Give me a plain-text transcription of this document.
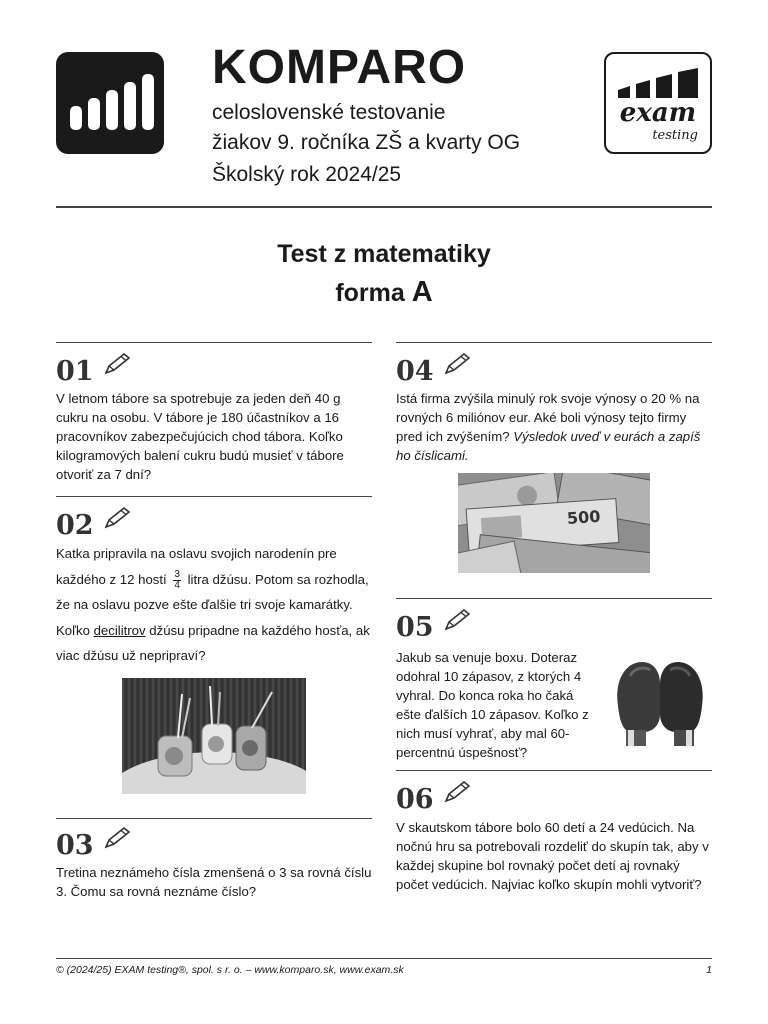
KOMPARO
celoslovenské testovanie
žiakov 9. ročníka ZŠ a kvarty OG
Školský rok 2024/25
exam
testing
Test z matematiky
forma A
01
V letnom tábore sa spotrebuje za jeden deň 40 g cukru na osobu. V tábore je 180 účastníkov a 16 pracovníkov zabezpečujúcich chod tábora. Koľko kilogramových balení cukru budú musieť v tábore otvoriť za 7 dní?
02
Katka pripravila na oslavu svojich narodenín pre každého z 12 hostí $\frac{3}{4}$ litra džúsu. Potom sa rozhodla, že na oslavu pozve ešte ďalšie tri svoje kamarátky. Koľko decilitrov džúsu pripadne na každého hosťa, ak viac džúsu už nepripraví?
03
Tretina neznámeho čísla zmenšená o 3 sa rovná číslu 3. Čomu sa rovná neznáme číslo?
04
Istá firma zvýšila minulý rok svoje výnosy o 20 % na rovných 6 miliónov eur. Aké boli výnosy tejto firmy pred ich zvýšením? Výsledok uveď v eurách a zapíš ho číslicami.
500
05
Jakub sa venuje boxu. Doteraz odohral 10 zápasov, z ktorých 4 vyhral. Do konca roka ho čaká ešte ďalších 10 zápasov. Koľko z nich musí vyhrať, aby mal 60-percentnú úspešnosť?
06
V skautskom tábore bolo 60 detí a 24 vedúcich. Na nočnú hru sa potrebovali rozdeliť do skupín tak, aby v každej skupine bol rovnaký počet detí aj rovnaký počet vedúcich. Najviac koľko skupín mohli vytvoriť?
© (2024/25) EXAM testing®, spol. s r. o. – www.komparo.sk, www.exam.sk	1
